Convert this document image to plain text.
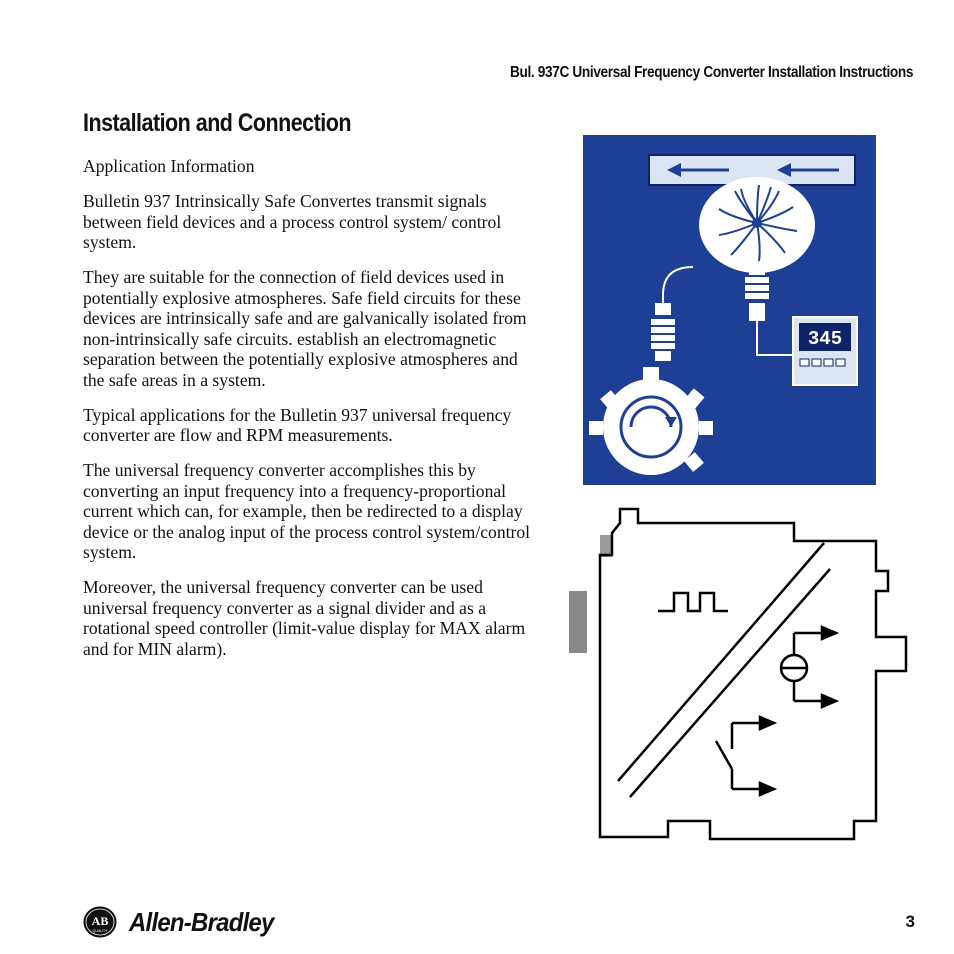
Bul. 937C Universal Frequency Converter Installation Instructions
Installation and Connection

Application Information

Bulletin 937 Intrinsically Safe Convertes transmit signals between field devices and a process control system/ control system.

They are suitable for the connection of field devices used in potentially explosive atmospheres. Safe field circuits for these devices are intrinsically safe and are galvanically isolated from non-intrinsically safe circuits. establish an electromagnetic separation between the potentially explosive atmospheres and the safe areas in a system.

Typical applications for the Bulletin 937 universal frequency converter are flow and RPM measurements.

The universal frequency converter accomplishes this by converting an input frequency into a frequency-proportional current which can, for example, then be redirected to a display device or the analog input of the process control system/control system.

Moreover, the universal frequency converter can be used universal frequency converter as a signal divider and as a rotational speed controller (limit-value display for MAX alarm and for MIN alarm).

345
AB
QUALITY Allen-Bradley	3
